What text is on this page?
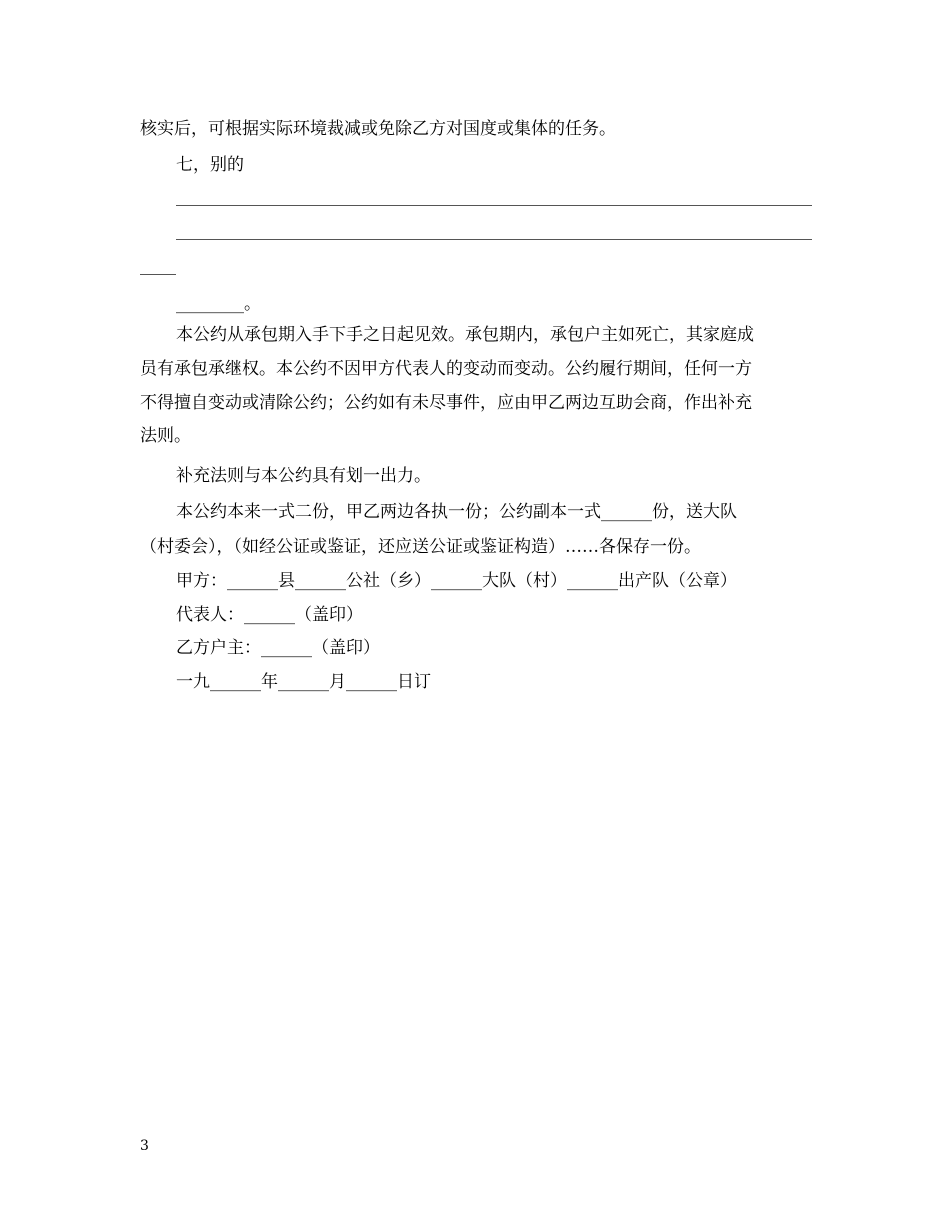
核实后，可根据实际环境裁减或免除乙方对国度或集体的任务。
七，别的
________。
本公约从承包期入手下手之日起见效。承包期内，承包户主如死亡，其家庭成
员有承包承继权。本公约不因甲方代表人的变动而变动。公约履行期间，任何一方
不得擅自变动或清除公约；公约如有未尽事件，应由甲乙两边互助会商，作出补充
法则。
补充法则与本公约具有划一出力。
本公约本来一式二份，甲乙两边各执一份；公约副本一式______份，送大队
（村委会），（如经公证或鉴证，还应送公证或鉴证构造）……各保存一份。
甲方：______县______公社（乡）______大队（村）______出产队（公章）
代表人：______（盖印）
乙方户主：______（盖印）
一九______年______月______日订
3
